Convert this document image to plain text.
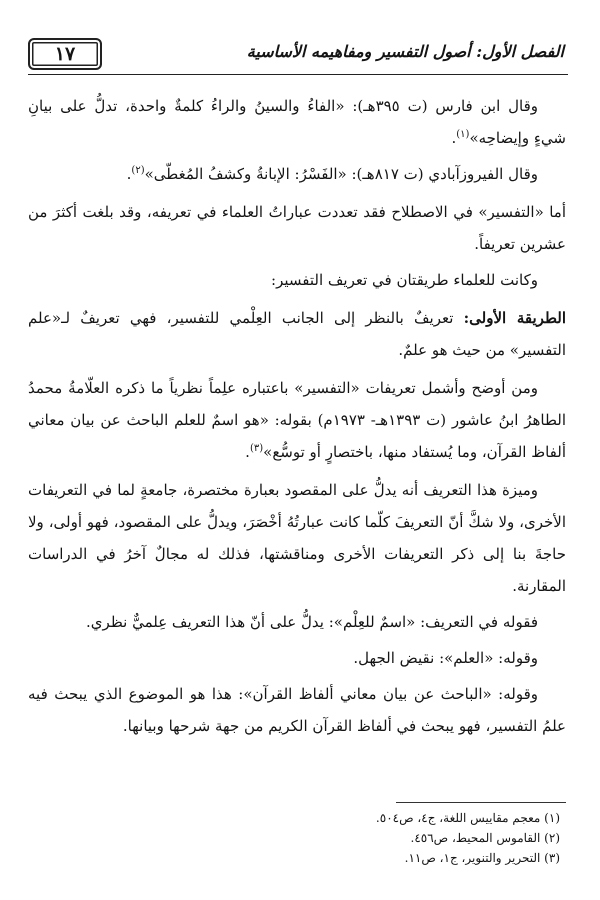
١٧	الفصل الأول: أصول التفسير ومفاهيمه الأساسية

وقال ابن فارس (ت ٣٩٥هـ): «الفاءُ والسينُ والراءُ كلمةٌ واحدة، تدلُّ على بيانِ شيءٍ وإيضاحِه»$^{(١)}$.

وقال الفيروزآبادي (ت ٨١٧هـ): «الفَسْرُ: الإبانةُ وكشفُ المُغطّى»$^{(٢)}$.

أما «التفسير» في الاصطلاح فقد تعددت عباراتُ العلماء في تعريفه، وقد بلغت أكثرَ من عشرين تعريفاً.

وكانت للعلماء طريقتان في تعريف التفسير:

الطريقة الأولى: تعريفٌ بالنظر إلى الجانب العِلْمي للتفسير، فهي تعريفٌ لـ«علم التفسير» من حيث هو علمٌ.

ومن أوضح وأشمل تعريفات «التفسير» باعتباره علِماً نظرياً ما ذكره العلّامةُ محمدُ الطاهرُ ابنُ عاشور (ت ١٣٩٣هـ- ١٩٧٣م) بقوله: «هو اسمٌ للعلم الباحث عن بيان معاني ألفاظ القرآن، وما يُستفاد منها، باختصارٍ أو توسُّع»$^{(٣)}$.

وميزة هذا التعريف أنه يدلُّ على المقصود بعبارة مختصرة، جامعةٍ لما في التعريفات الأخرى، ولا شكَّ أنّ التعريفَ كلّما كانت عبارتُهُ أخْصَرَ، ويدلُّ على المقصود، فهو أولى، ولا حاجةَ بنا إلى ذكر التعريفات الأخرى ومناقشتها، فذلك له مجالٌ آخرُ في الدراسات المقارنة.

فقوله في التعريف: «اسمٌ للعِلْم»: يدلُّ على أنّ هذا التعريف عِلميٌّ نظري.

وقوله: «العلم»: نقيض الجهل.

وقوله: «الباحث عن بيان معاني ألفاظ القرآن»: هذا هو الموضوع الذي يبحث فيه علمُ التفسير، فهو يبحث في ألفاظ القرآن الكريم من جهة شرحها وبيانها.

(١) معجم مقاييس اللغة، ج٤، ص٥٠٤.
(٢) القاموس المحيط، ص٤٥٦.
(٣) التحرير والتنوير، ج١، ص١١.
